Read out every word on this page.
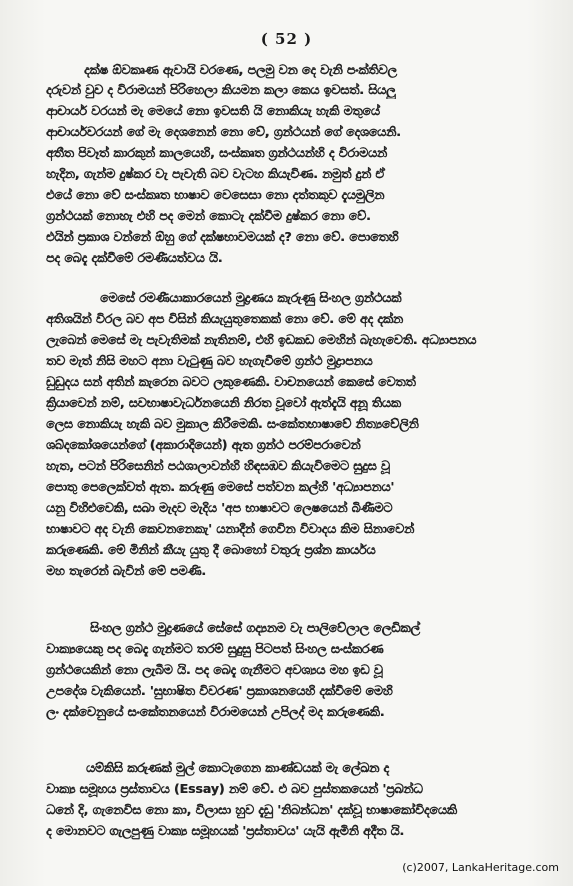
( 52 )
දක්ෂ ඕවකෘණ ඇවායි වරණෙ, පලමු වන දෙ වැනි පංක්තිවල
දරුවන් වුව ද විරාමයන් පිරිහෙලා කියමන කලා කෙය ඉවසත්. සියලු
ආචාර්ය වරයන් මැ මෙයේ නො ඉවසති යි නොකියැ හැකි මතුයේ
ආචාර්යවරයන් ගේ මැ දෙශනෙන් නො වේ, ග්‍රන්ථයන් ගේ දෙශයෙනි.
අතීත පිවෑත් කාරකුන් කාලයෙහි, සංස්කෘත ග්‍රන්ථයන්හි ද විරාමයන්
හැදින, ගැන්ම දුෂ්කර වැ පැවැති බව වැටහ කියැවිණ. නමුත් දුන් ඒ
එයේ නො වේ සංස්කෘත භාෂාව වෙසෙසා නො දත්තකුව දැයමුලින
ග්‍රන්ථයක් නොහැ එහි පද මෙන් කොටැ දක්වීම දුෂ්කර නො වේ.
එයින් ප්‍රකාශ වන්නේ ඕහු ගේ දක්ෂභාවමයක් ද? නො වේ. පොතෙහි
පද බෙදැ දක්වීමේ රමණීයත්වය යි.
මෙසේ රමණීයාකාරයෙන් මුද්‍රණය කැරුණු සිංහල ග්‍රන්ථයක්
අතිශයින් විරල බව අප විසින් කියැයුතුතෙකක් නො වේ. මේ අද දක්න
ලැබෙන් මෙසේ මැ පැවැතිමක් නැතිනම්, එහි ඉඩකඩ මෙහින් බැහැවෙති. අධ්‍යාපනය
තව මැත් නිසි මහට අනා වැටුණු බව හැගැවීමේ ග්‍රන්ථ මුද්‍රාපනය
ඩුඩුදය සන් අතින් කැරෙන බවට ලකුණෙකි. වාචනයෙන් කෙසේ වෙතත්
ක්‍රියාවෙන් නම්, සවභාෂාවැර්ධනයෙනි නිරත වූවෝ ඇත්දැයි අනූ තියක
ලෙස නොකියැ හැකි බව මුකාල කිරීමෙකි. සංකේතභාෂාවේ නිත්‍යවේලිනි
ශබ්දකෝශයෙන්ගේ (අකාරාදියෙන්) ඇත ග්‍රන්ථ පරම්පරාවෙන්
හැත, පටන් පිරිසෙනින් පඨශාලාවන්හි හිඳසඹව කියැවිමෙට සුදුස වූ
පොතු පෙලෙක්වත් ඇත. කරුණු මෙසේ පත්වන කල්හි 'අධ්‍යාපනය'
යනු විහිළුවෙකි, සබා මැදව මැදිය 'අප භාෂාවට ලෙෂයෙන් බිණීමට
භාෂාවට අද වැනි කෙවනනෙකැ' යනාදීන් ගෙවින විවාදය කිම සිනාවෙන්
කරුණෙකි. මේ මිනින් කීයැ යුතු දී බොහෝ වතුරු ප්‍රශ්න කාර්යය
මහ තැරෙන් බැවින් මේ පමණි.
සිංහල ග්‍රන්ථ මුද්‍රණයේ සේසේ ගද්‍යනම වැ පාලිවේලාල ලෙඩිකල්
වාක්‍යයෙකු පද බෙදැ ගැන්මට තරම් සුදුසු පිටපත් සිංහල සංස්කරණ
ග්‍රන්ථයෙකින් නො ලැබීම යි. පද බෙදැ ගැනීමට අවශ්‍යය මහ ඉඩ වූ
උපදේශ වැකියෙන්. 'සුභාෂිත විවරණ' ප්‍රකාශනයෙහි දක්වීමේ මෙහි
ලං දක්වෙනුයේ සංකේතනයෙන් විරාමයෙන් උපිලද් මද කරුණෙකි.
යම්කිසි කරුණක් මුල් කොටැගෙන කාණ්ඩයක් මැ ලේඛන ද
වාක්‍ය සමූහය ප්‍රස්තාවය (Essay) නම් වේ. එ බව පුස්තකයෙන් 'ප්‍රබන්ධ
ධනේ දි, ගැනෙවිස නො කා, විලාසා හුව දැඩු 'නිබන්ධන' දක්වූ භාෂාකෝවිදයෙකි
ද මොනවට ගැලපුණු වාක්‍ය සමූහයක් 'ප්‍රස්තාවය' යැයි ඇමිනි අදීත යි.
(c)2007, LankaHeritage.com
